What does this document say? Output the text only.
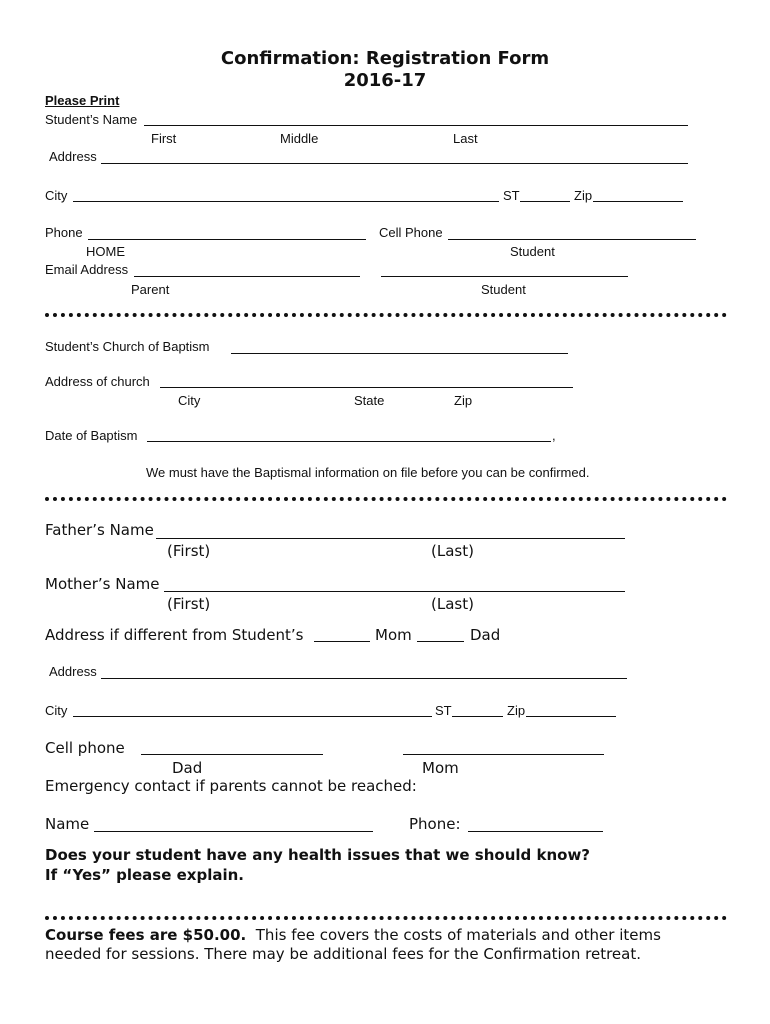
Confirmation: Registration Form
2016-17
Please Print
Student’s Name
First	Middle	Last
Address
City	ST	Zip
Phone	Cell Phone
HOME	Student
Email Address
Parent	Student
Student’s Church of Baptism
Address of church
City	State	Zip
Date of Baptism	,
We must have the Baptismal information on file before you can be confirmed.
Father’s Name
(First)	(Last)
Mother’s Name
(First)	(Last)
Address if different from Student’s	Mom	Dad
Address
City	ST	Zip
Cell phone
Dad	Mom
Emergency contact if parents cannot be reached:
Name	Phone:
Does your student have any health issues that we should know?
If “Yes” please explain.
Course fees are $50.00.  This fee covers the costs of materials and other items
needed for sessions. There may be additional fees for the Confirmation retreat.
